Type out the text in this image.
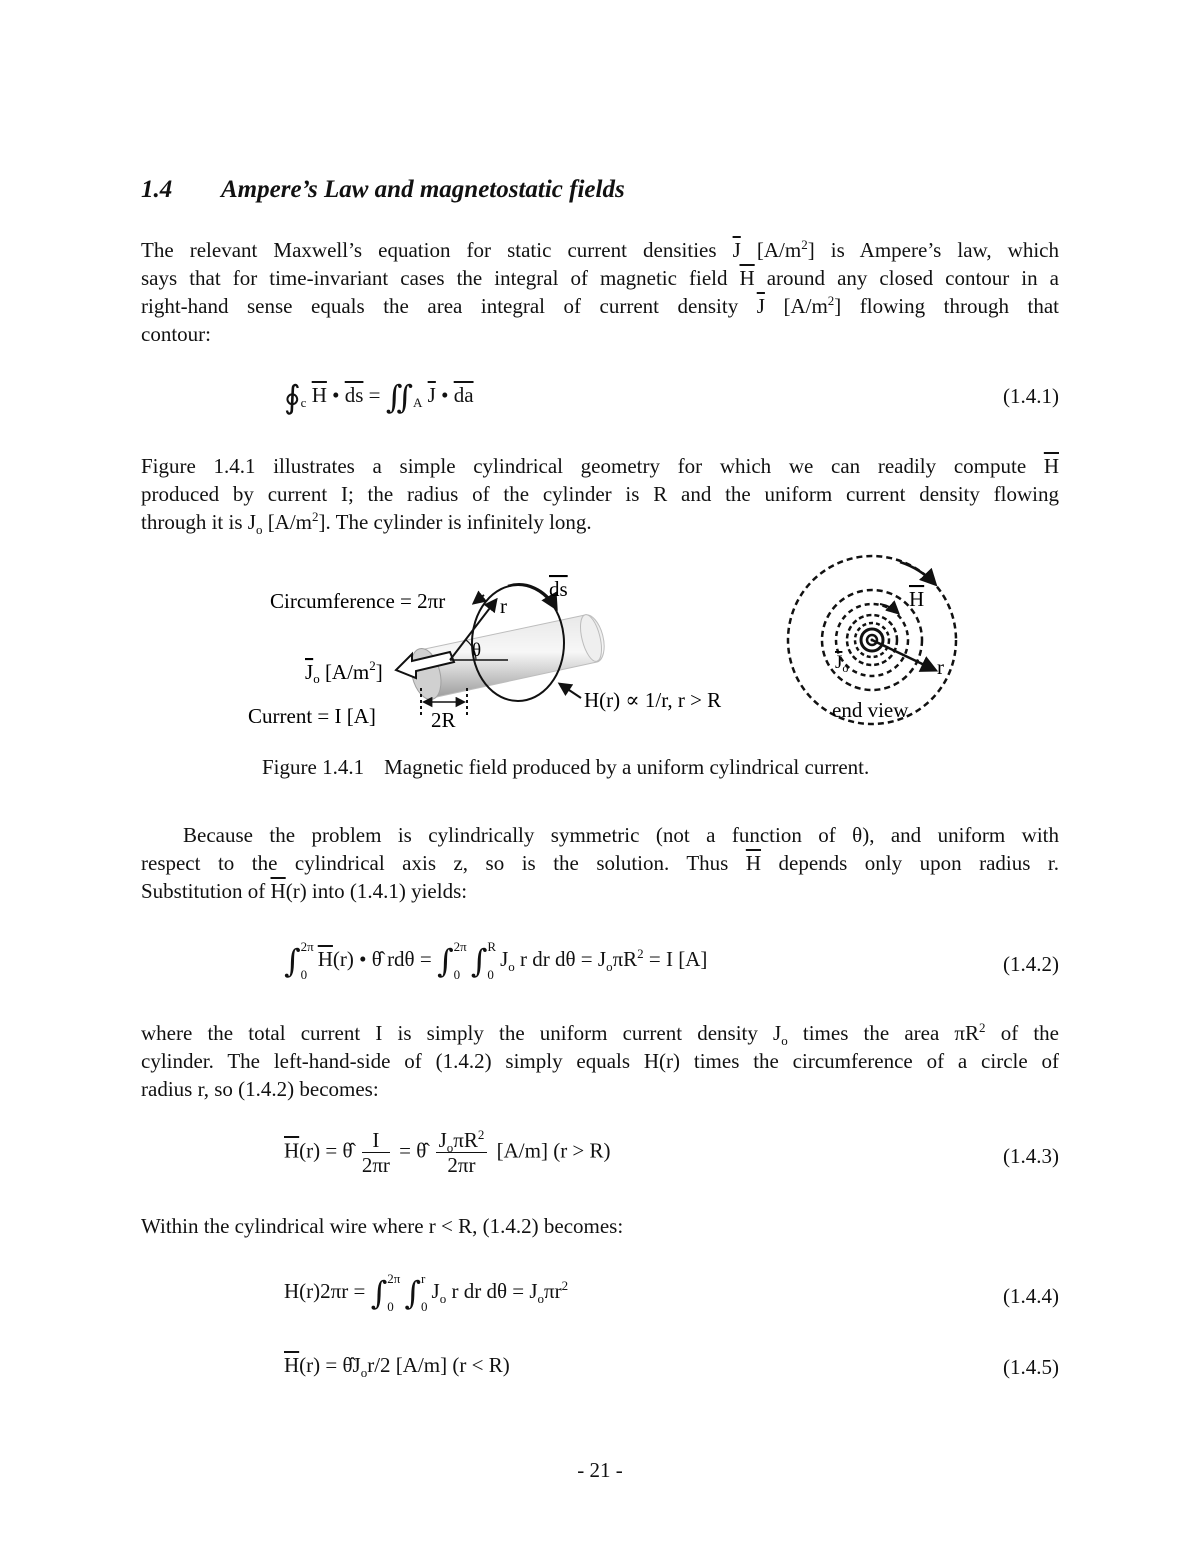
1.4 Ampere’s Law and magnetostatic fields
The relevant Maxwell’s equation for static current densities $\overline{J}$ $[A/m^2]$ is Ampere’s law, which
says that for time-invariant cases the integral of magnetic field $\overline{H}$ around any closed contour in a
right-hand sense equals the area integral of current density $\overline{J}$ $[A/m^2]$ flowing through that
contour:
$∮_c$ $\overline{H}$ • $\overline{ds}$ = $∬_A$ $\overline{J}$ • $\overline{da}$	(1.4.1)
Figure 1.4.1 illustrates a simple cylindrical geometry for which we can readily compute $\overline{H}$
produced by current I; the radius of the cylinder is R and the uniform current density flowing
through it is $J_o$ $[A/m^2]$. The cylinder is infinitely long.
Circumference = 2πr	r
ds
θ
Jo $[A/m^2]$
Current = I [A]	2R
H(r) ∝ 1/r, r > R
H
$J_o$	r
end view
Figure 1.4.1 Magnetic field produced by a uniform cylindrical current.
Because the problem is cylindrically symmetric (not a function of θ), and uniform with
respect to the cylindrical axis z, so is the solution. Thus $\overline{H}$ depends only upon radius r.
Substitution of $\overline{H}(r)$ into (1.4.1) yields:
∫2π

$0\overline{H}(r)$ • θ̂ rdθ = ∫2π

0 ∫R

$0J_o$ r dr $d\theta = J_o\pi R^2 = I$ [A]	(1.4.2)
where the total current I is simply the uniform current density $J_o$ times the area $\pi R^2$ of the
cylinder. The left-hand-side of (1.4.2) simply equals H(r) times the circumference of a circle of
radius r, so (1.4.2) becomes:
$\overline{H}(r)$ = θ̂ $\frac{I}{2\pi r}$ = θ̂ $\frac{J_o\pi R^2}{2\pi r} [A/m] (r > R)$	(1.4.3)
Within the cylindrical wire where r < R, (1.4.2) becomes:
H(r)2πr = ∫2π

0 ∫r

$0J_o$ r dr $d\theta = J_o\pi r^2$	(1.4.4)
$\overline{H}(r)$ = $\thetâJ_or/2$ [A/m] (r < R)	(1.4.5)
- 21 -
